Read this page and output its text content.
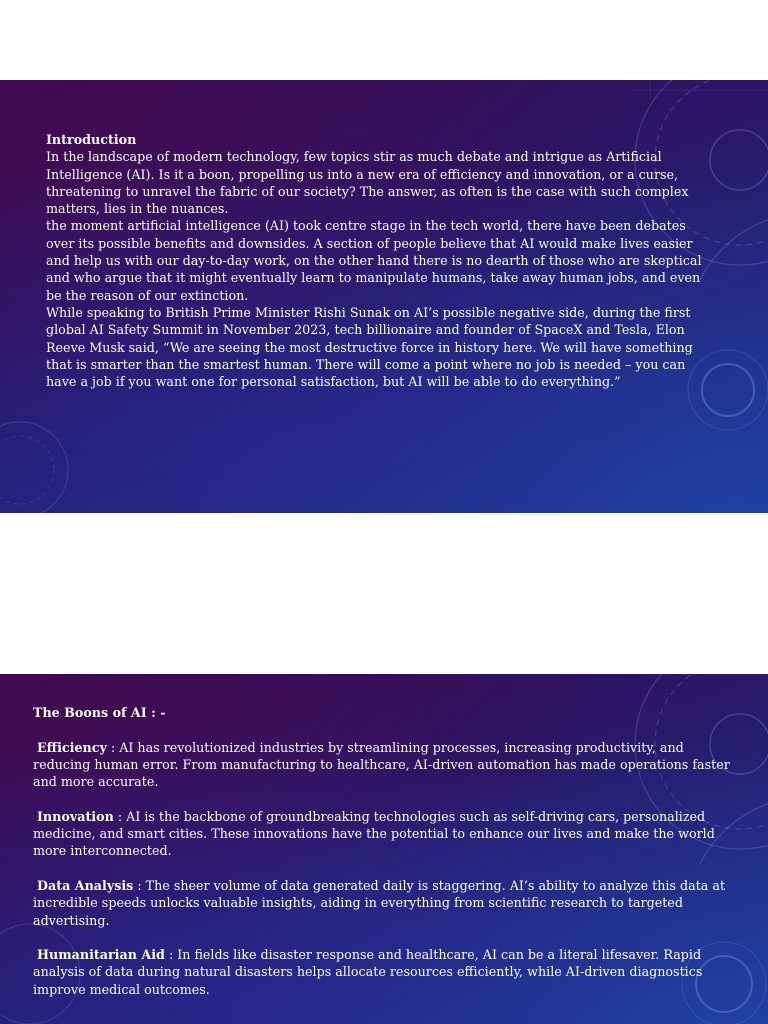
Introduction

In the landscape of modern technology, few topics stir as much debate and intrigue as Artificial Intelligence (AI). Is it a boon, propelling us into a new era of efficiency and innovation, or a curse, threatening to unravel the fabric of our society? The answer, as often is the case with such complex matters, lies in the nuances.

the moment artificial intelligence (AI) took centre stage in the tech world, there have been debates over its possible benefits and downsides. A section of people believe that AI would make lives easier and help us with our day-to-day work, on the other hand there is no dearth of those who are skeptical and who argue that it might eventually learn to manipulate humans, take away human jobs, and even be the reason of our extinction.

While speaking to British Prime Minister Rishi Sunak on AI’s possible negative side, during the first global AI Safety Summit in November 2023, tech billionaire and founder of SpaceX and Tesla, Elon Reeve Musk said, “We are seeing the most destructive force in history here. We will have something that is smarter than the smartest human. There will come a point where no job is needed – you can have a job if you want one for personal satisfaction, but AI will be able to do everything.”

The Boons of AI : -

Efficiency : AI has revolutionized industries by streamlining processes, increasing productivity, and reducing human error. From manufacturing to healthcare, AI-driven automation has made operations faster and more accurate.

Innovation : AI is the backbone of groundbreaking technologies such as self-driving cars, personalized medicine, and smart cities. These innovations have the potential to enhance our lives and make the world more interconnected.

Data Analysis : The sheer volume of data generated daily is staggering. AI’s ability to analyze this data at incredible speeds unlocks valuable insights, aiding in everything from scientific research to targeted advertising.

Humanitarian Aid : In fields like disaster response and healthcare, AI can be a literal lifesaver. Rapid analysis of data during natural disasters helps allocate resources efficiently, while AI-driven diagnostics improve medical outcomes.
